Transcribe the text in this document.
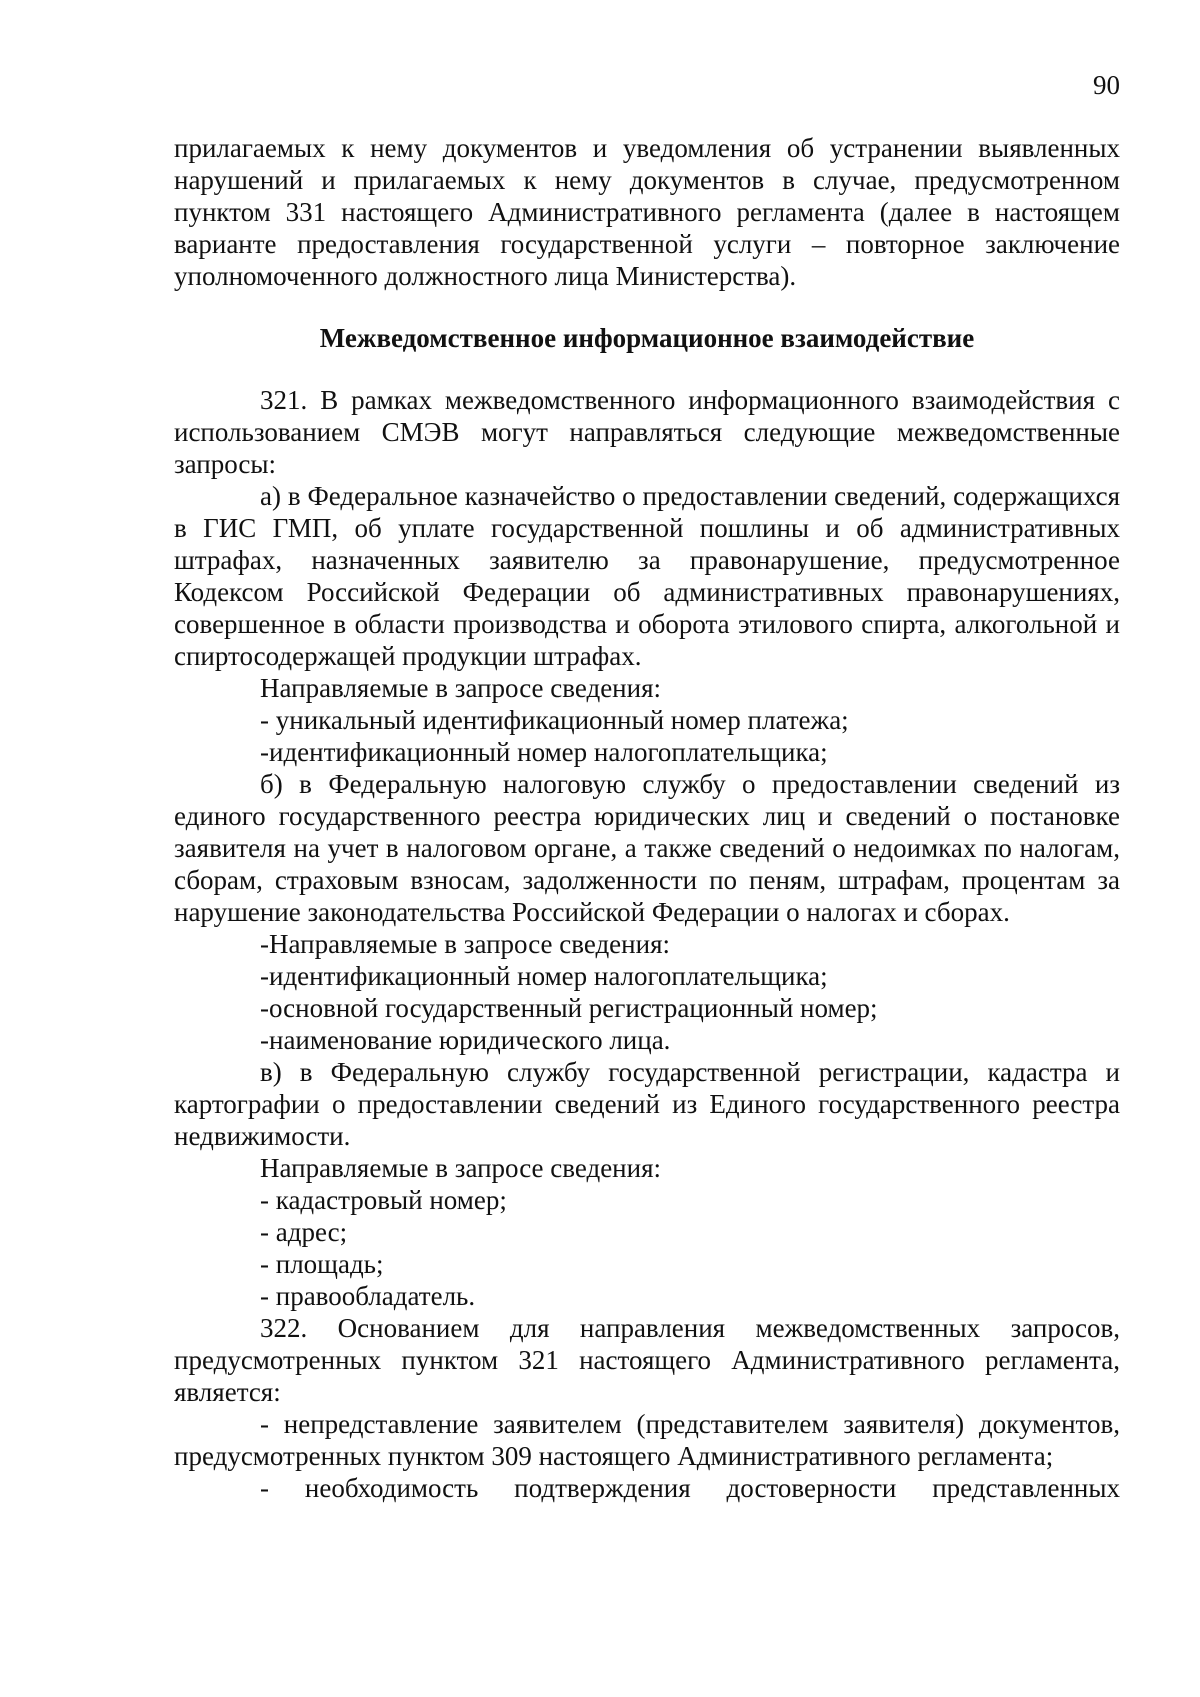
90

прилагаемых к нему документов и уведомления об устранении выявленных нарушений и прилагаемых к нему документов в случае, предусмотренном пунктом 331 настоящего Административного регламента (далее в настоящем варианте предоставления государственной услуги – повторное заключение уполномоченного должностного лица Министерства).

Межведомственное информационное взаимодействие

321. В рамках межведомственного информационного взаимодействия с использованием СМЭВ могут направляться следующие межведомственные запросы:

а) в Федеральное казначейство о предоставлении сведений, содержащихся в ГИС ГМП, об уплате государственной пошлины и об административных штрафах, назначенных заявителю за правонарушение, предусмотренное Кодексом Российской Федерации об административных правонарушениях, совершенное в области производства и оборота этилового спирта, алкогольной и спиртосодержащей продукции штрафах.

Направляемые в запросе сведения:

- уникальный идентификационный номер платежа;

-идентификационный номер налогоплательщика;

б) в Федеральную налоговую службу о предоставлении сведений из единого государственного реестра юридических лиц и сведений о постановке заявителя на учет в налоговом органе, а также сведений о недоимках по налогам, сборам, страховым взносам, задолженности по пеням, штрафам, процентам за нарушение законодательства Российской Федерации о налогах и сборах.

-Направляемые в запросе сведения:

-идентификационный номер налогоплательщика;

-основной государственный регистрационный номер;

-наименование юридического лица.

в) в Федеральную службу государственной регистрации, кадастра и картографии о предоставлении сведений из Единого государственного реестра недвижимости.

Направляемые в запросе сведения:

- кадастровый номер;

- адрес;

- площадь;

- правообладатель.

322. Основанием для направления межведомственных запросов, предусмотренных пунктом 321 настоящего Административного регламента, является:

- непредставление заявителем (представителем заявителя) документов, предусмотренных пунктом 309 настоящего Административного регламента;

- необходимость подтверждения достоверности представленных
